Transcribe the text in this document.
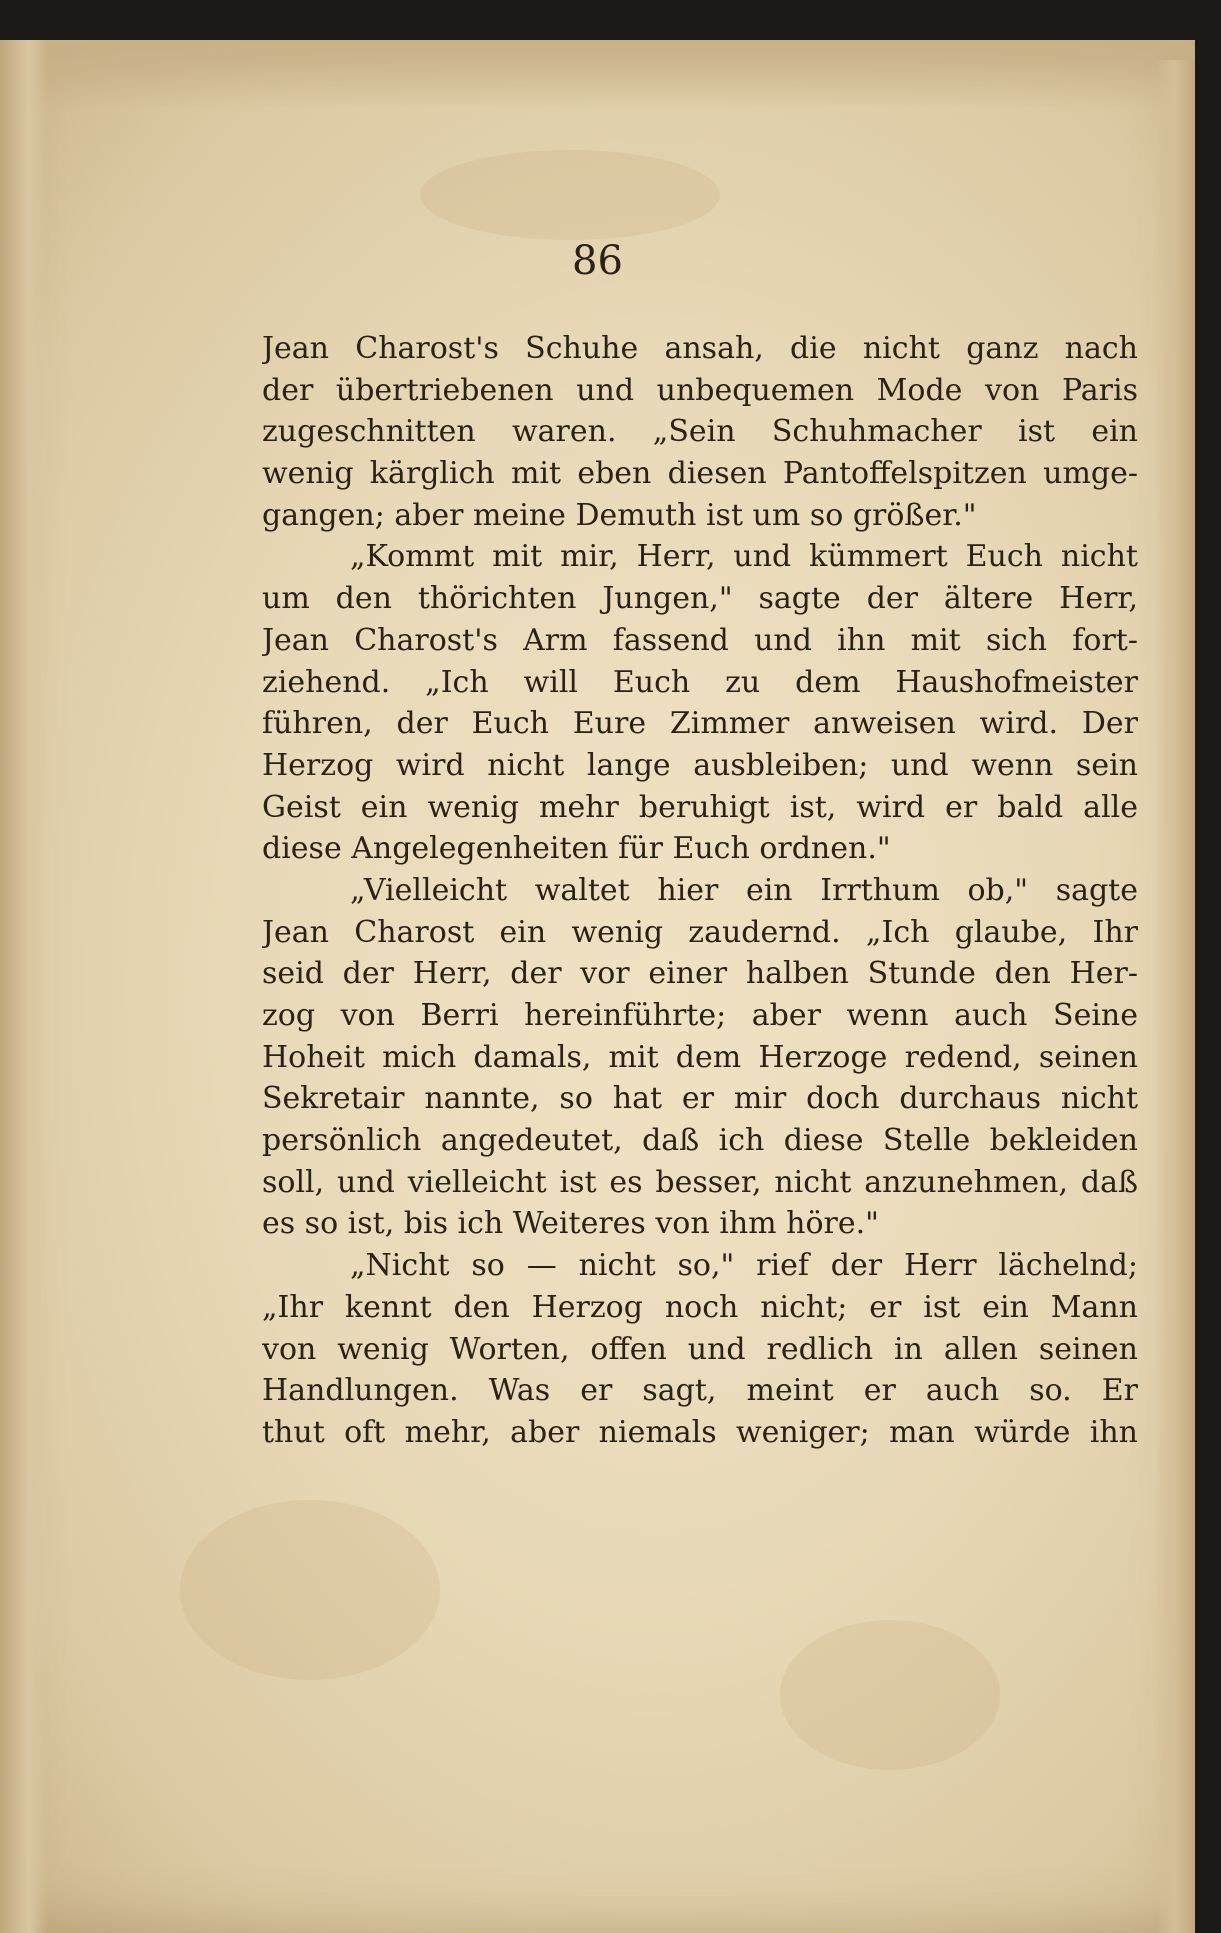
86
Jean Charost's Schuhe ansah, die nicht ganz nach
der übertriebenen und unbequemen Mode von Paris
zugeschnitten waren. „Sein Schuhmacher ist ein
wenig kärglich mit eben diesen Pantoffelspitzen umge-
gangen; aber meine Demuth ist um so größer."
„Kommt mit mir, Herr, und kümmert Euch nicht
um den thörichten Jungen," sagte der ältere Herr,
Jean Charost's Arm fassend und ihn mit sich fort-
ziehend. „Ich will Euch zu dem Haushofmeister
führen, der Euch Eure Zimmer anweisen wird. Der
Herzog wird nicht lange ausbleiben; und wenn sein
Geist ein wenig mehr beruhigt ist, wird er bald alle
diese Angelegenheiten für Euch ordnen."
„Vielleicht waltet hier ein Irrthum ob," sagte
Jean Charost ein wenig zaudernd. „Ich glaube, Ihr
seid der Herr, der vor einer halben Stunde den Her-
zog von Berri hereinführte; aber wenn auch Seine
Hoheit mich damals, mit dem Herzoge redend, seinen
Sekretair nannte, so hat er mir doch durchaus nicht
persönlich angedeutet, daß ich diese Stelle bekleiden
soll, und vielleicht ist es besser, nicht anzunehmen, daß
es so ist, bis ich Weiteres von ihm höre."
„Nicht so — nicht so," rief der Herr lächelnd;
„Ihr kennt den Herzog noch nicht; er ist ein Mann
von wenig Worten, offen und redlich in allen seinen
Handlungen. Was er sagt, meint er auch so. Er
thut oft mehr, aber niemals weniger; man würde ihn
